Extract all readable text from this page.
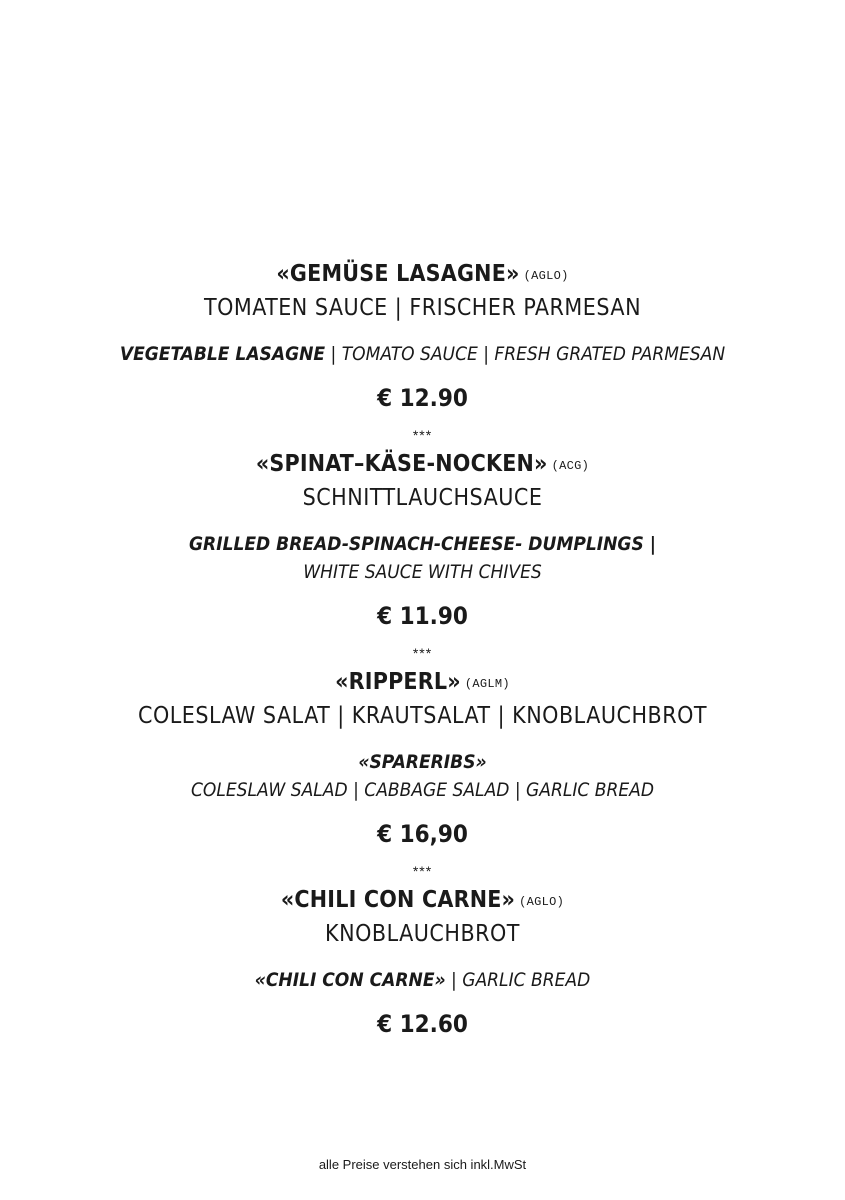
«GEMÜSE LASAGNE» (AGLO)
TOMATEN SAUCE | FRISCHER PARMESAN
VEGETABLE LASAGNE | TOMATO SAUCE | FRESH GRATED PARMESAN
€ 12.90
***
«SPINAT–KÄSE-NOCKEN» (ACG)
SCHNITTLAUCHSAUCE
GRILLED BREAD-SPINACH-CHEESE- DUMPLINGS |
WHITE SAUCE WITH CHIVES
€ 11.90
***
«RIPPERL» (AGLM)
COLESLAW SALAT | KRAUTSALAT | KNOBLAUCHBROT
«SPARERIBS»
COLESLAW SALAD | CABBAGE SALAD | GARLIC BREAD
€ 16,90
***
«CHILI CON CARNE» (AGLO)
KNOBLAUCHBROT
«CHILI CON CARNE» | GARLIC BREAD
€ 12.60
alle Preise verstehen sich inkl.MwSt
